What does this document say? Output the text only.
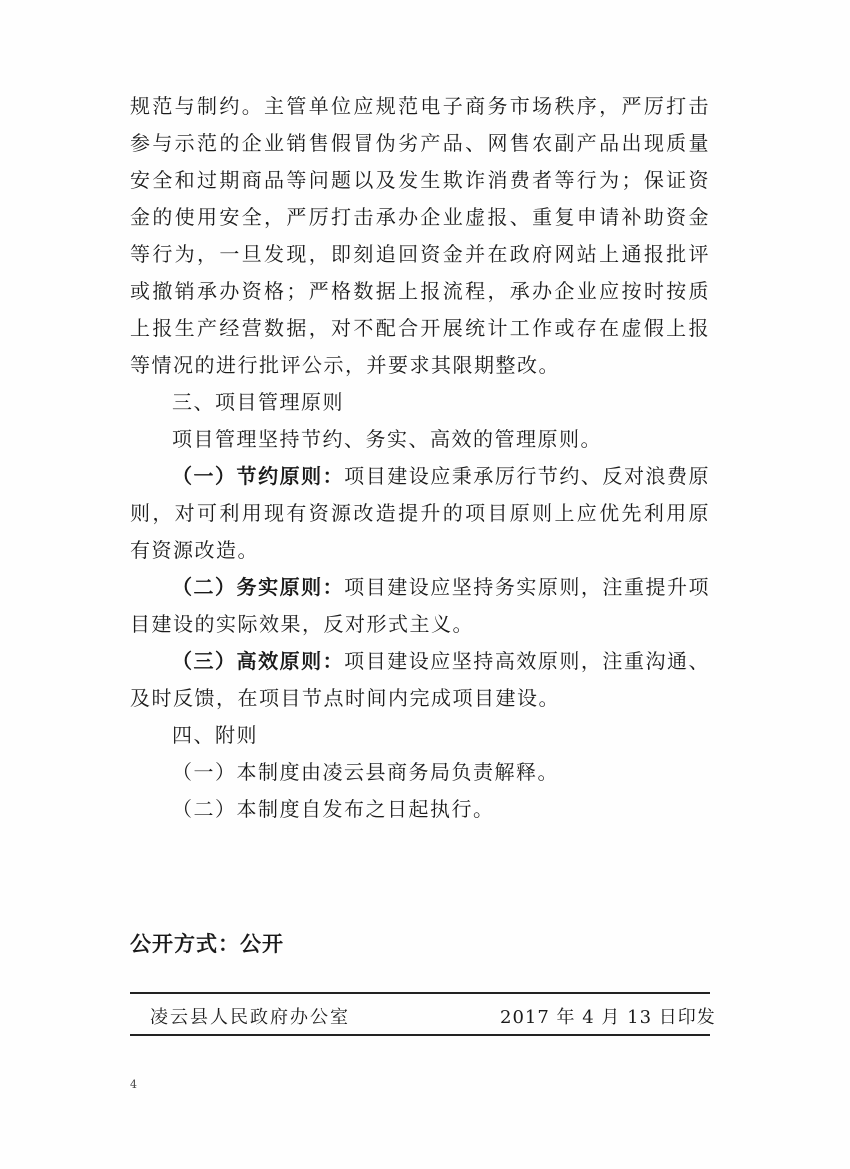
规范与制约。主管单位应规范电子商务市场秩序，严厉打击参与示范的企业销售假冒伪劣产品、网售农副产品出现质量安全和过期商品等问题以及发生欺诈消费者等行为；保证资金的使用安全，严厉打击承办企业虚报、重复申请补助资金等行为，一旦发现，即刻追回资金并在政府网站上通报批评或撤销承办资格；严格数据上报流程，承办企业应按时按质上报生产经营数据，对不配合开展统计工作或存在虚假上报等情况的进行批评公示，并要求其限期整改。

三、项目管理原则

项目管理坚持节约、务实、高效的管理原则。

（一）节约原则：项目建设应秉承厉行节约、反对浪费原则，对可利用现有资源改造提升的项目原则上应优先利用原有资源改造。

（二）务实原则：项目建设应坚持务实原则，注重提升项目建设的实际效果，反对形式主义。

（三）高效原则：项目建设应坚持高效原则，注重沟通、及时反馈，在项目节点时间内完成项目建设。

四、附则

（一）本制度由凌云县商务局负责解释。

（二）本制度自发布之日起执行。

公开方式：公开
凌云县人民政府办公室	2017 年 4 月 13 日印发
4
